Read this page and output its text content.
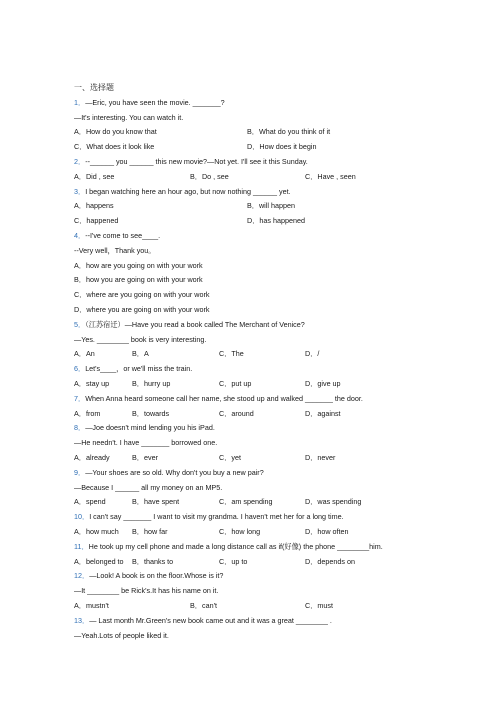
一、选择题
1．—Eric, you have seen the movie. _______?
—It's interesting. You can watch it.
A．How do you know that	B．What do you think of it
C．What does it look like	D．How does it begin
2．--______ you ______ this new movie?—Not yet. I'll see it this Sunday.
A．Did , see	B．Do , see	C．Have , seen
3．I began watching here an hour ago, but now nothing ______ yet.
A．happens	B．will happen
C．happened	D．has happened
4．--I've come to see____.
--Very well，Thank you。
A．how are you going on with your work
B．how you are going on with your work
C．where are you going on with your work
D．where you are going on with your work
5．（江苏宿迁）—Have you read a book called The Merchant of Venice?
—Yes. ________ book is very interesting.
A．An	B．A	C．The	D．/
6．Let's____，or we'll miss the train.
A．stay up	B．hurry up	C．put up	D．give up
7．When Anna heard someone call her name, she stood up and walked _______ the door.
A．from	B．towards	C．around	D．against
8．—Joe doesn't mind lending you his iPad.
—He needn't. I have _______ borrowed one.
A．already	B．ever	C．yet	D．never
9．—Your shoes are so old. Why don't you buy a new pair?
—Because I ______ all my money on an MP5.
A．spend	B．have spent	C．am spending	D．was spending
10．I can't say _______ I want to visit my grandma. I haven't met her for a long time.
A．how much B．how far	C．how long	D．how often
11．He took up my cell phone and made a long distance call as if(好像) the phone ________him.
A．belonged to B．thanks to	C．up to	D．depends on
12．—Look! A book is on the floor.Whose is it?
—It ________ be Rick's.It has his name on it.
A．mustn't	B．can't	C．must
13．— Last month Mr.Green's new book came out and it was a great ________ .
—Yeah.Lots of people liked it.
